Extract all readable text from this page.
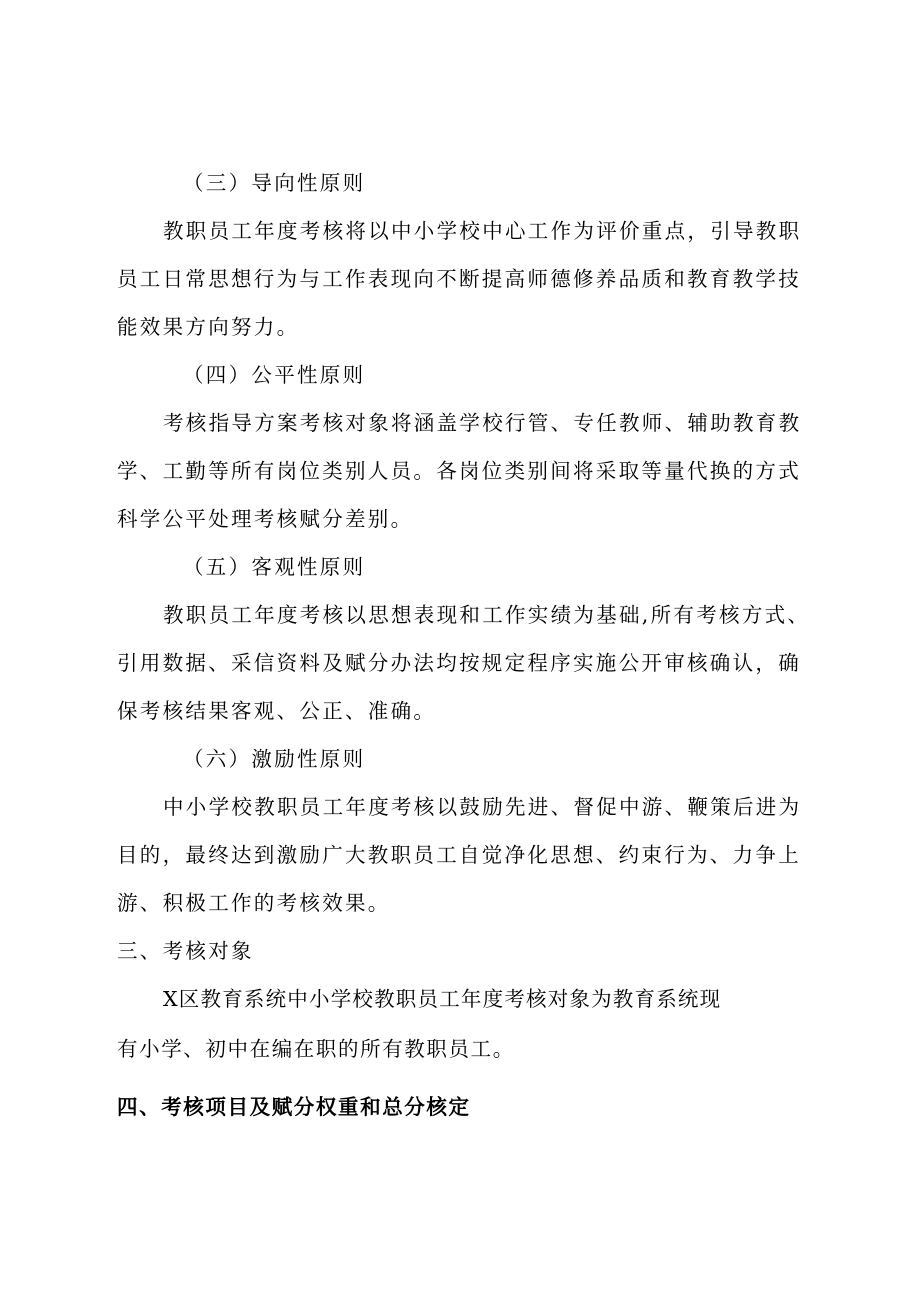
（三）导向性原则
教职员工年度考核将以中小学校中心工作为评价重点，引导教职
员工日常思想行为与工作表现向不断提高师德修养品质和教育教学技
能效果方向努力。
（四）公平性原则
考核指导方案考核对象将涵盖学校行管、专任教师、辅助教育教
学、工勤等所有岗位类别人员。各岗位类别间将采取等量代换的方式
科学公平处理考核赋分差别。
（五）客观性原则
教职员工年度考核以思想表现和工作实绩为基础,所有考核方式、
引用数据、采信资料及赋分办法均按规定程序实施公开审核确认，确
保考核结果客观、公正、准确。
（六）激励性原则
中小学校教职员工年度考核以鼓励先进、督促中游、鞭策后进为
目的，最终达到激励广大教职员工自觉净化思想、约束行为、力争上
游、积极工作的考核效果。
三、考核对象
X区教育系统中小学校教职员工年度考核对象为教育系统现
有小学、初中在编在职的所有教职员工。
四、考核项目及赋分权重和总分核定
